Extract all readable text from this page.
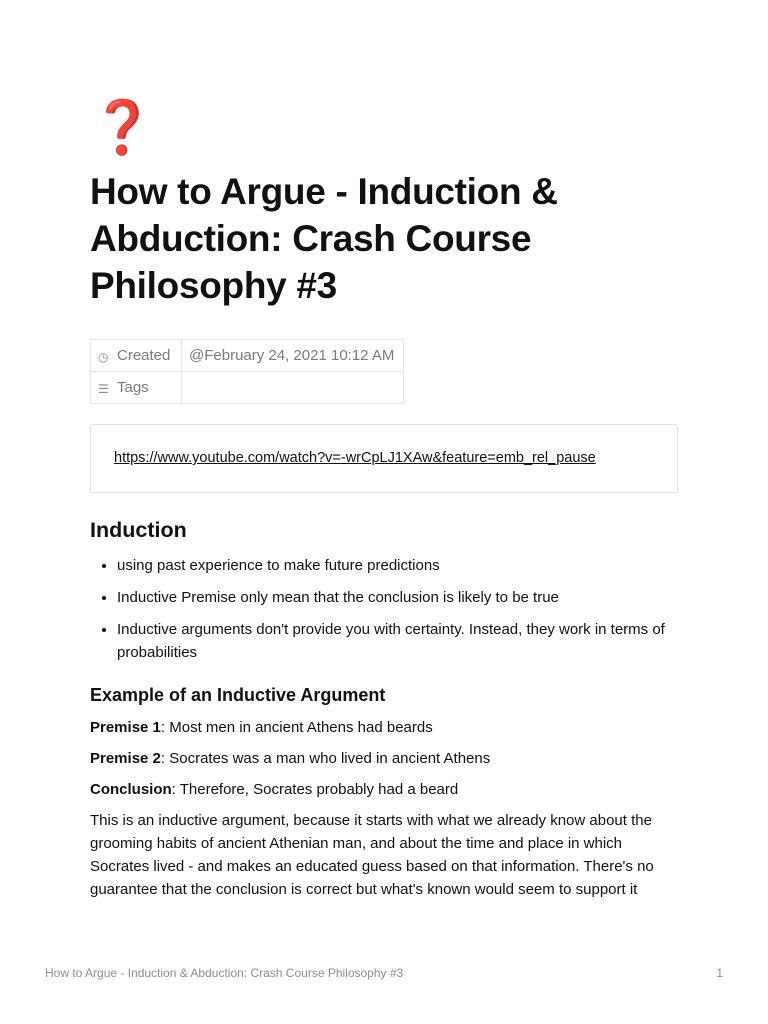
❓
How to Argue - Induction & Abduction: Crash Course Philosophy #3
◷ Created	@February 24, 2021 10:12 AM
☰ Tags	
https://www.youtube.com/watch?v=-wrCpLJ1XAw&feature=emb_rel_pause
Induction
• using past experience to make future predictions
• Inductive Premise only mean that the conclusion is likely to be true
• Inductive arguments don't provide you with certainty. Instead, they work in terms of probabilities
Example of an Inductive Argument

Premise 1: Most men in ancient Athens had beards

Premise 2: Socrates was a man who lived in ancient Athens

Conclusion: Therefore, Socrates probably had a beard

This is an inductive argument, because it starts with what we already know about the grooming habits of ancient Athenian man, and about the time and place in which Socrates lived - and makes an educated guess based on that information. There's no guarantee that the conclusion is correct but what's known would seem to support it

How to Argue - Induction & Abduction: Crash Course Philosophy #3	1
